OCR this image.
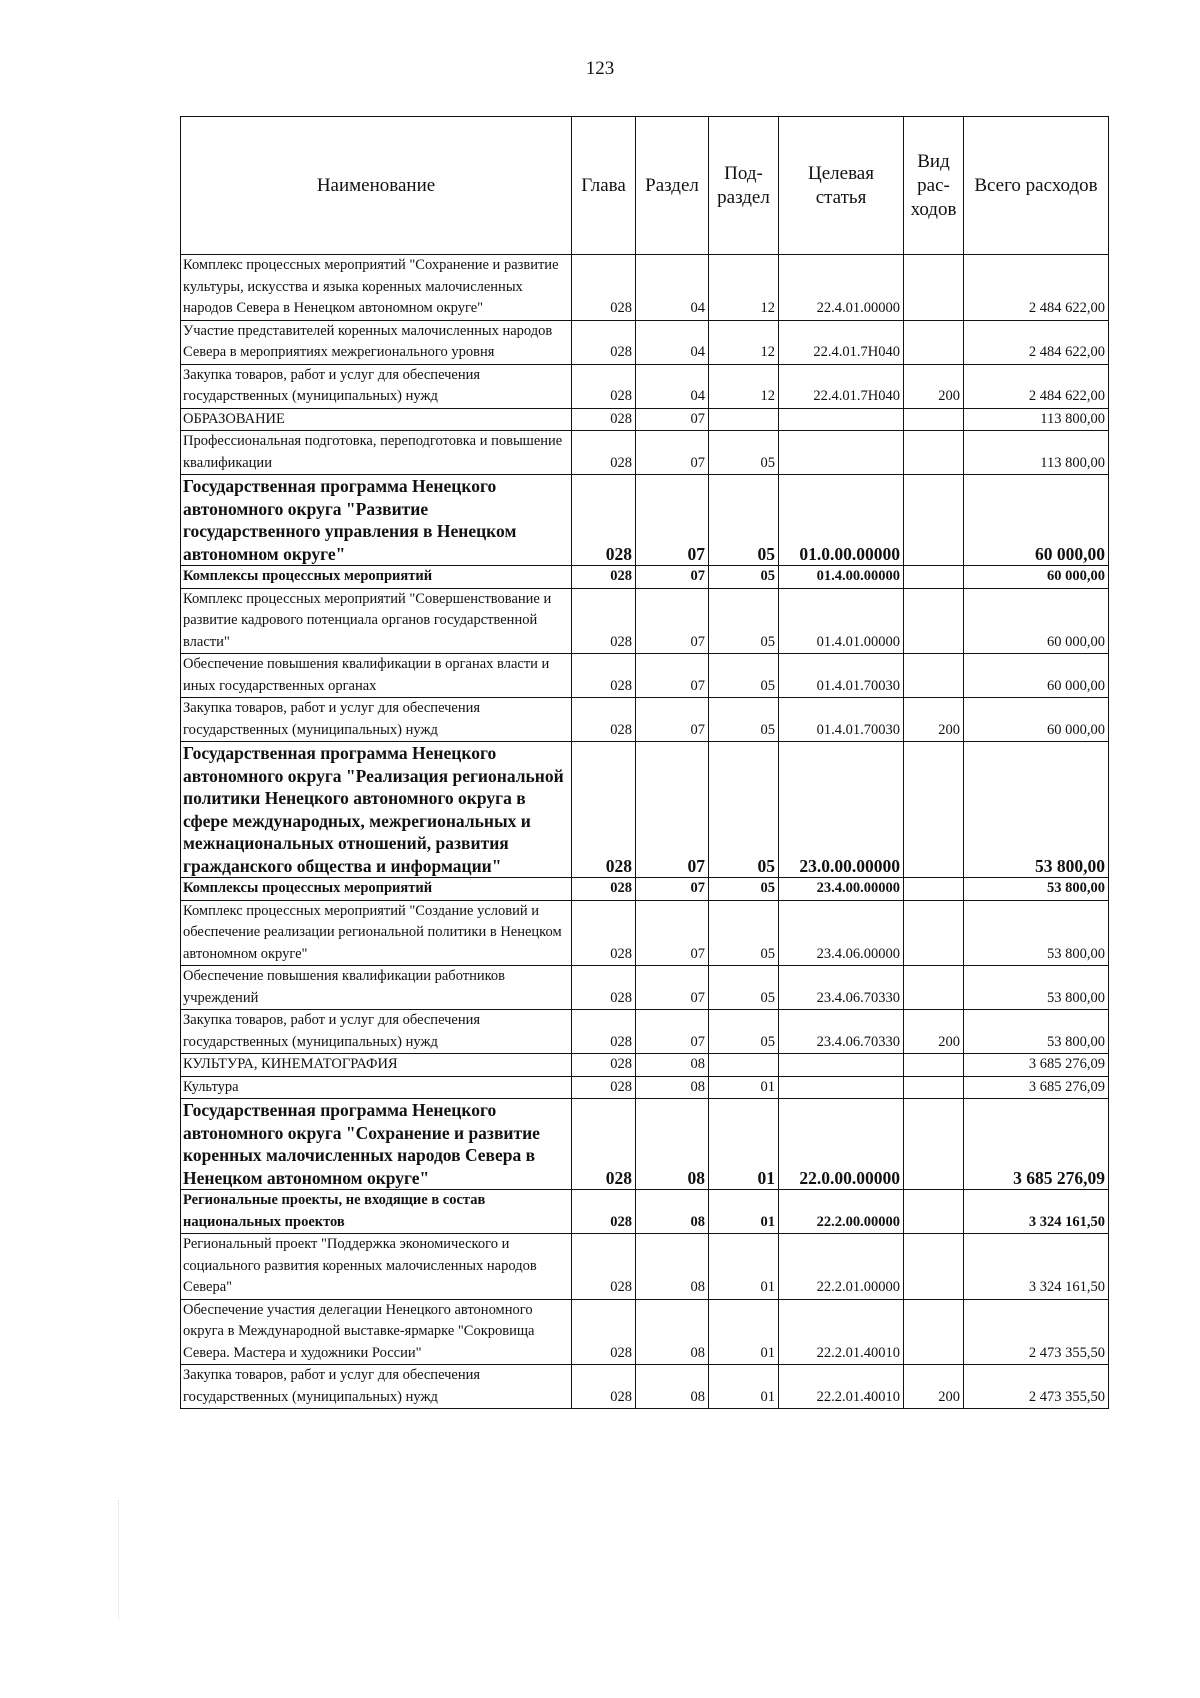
123
Наименование	Глава	Раздел	Под-раздел	Целевая статья	Вид рас-ходов	Всего расходов
Комплекс процессных мероприятий "Сохранение и развитие культуры, искусства и языка коренных малочисленных народов Севера в Ненецком автономном округе"	028	04	12	22.4.01.00000		2 484 622,00
Участие представителей коренных малочисленных народов Севера в мероприятиях межрегионального уровня	028	04	12	22.4.01.7Н040		2 484 622,00
Закупка товаров, работ и услуг для обеспечения государственных (муниципальных) нужд	028	04	12	22.4.01.7Н040	200	2 484 622,00
ОБРАЗОВАНИЕ	028	07				113 800,00
Профессиональная подготовка, переподготовка и повышение квалификации	028	07	05			113 800,00
Государственная программа Ненецкого автономного округа "Развитие государственного управления в Ненецком автономном округе"	028	07	05	01.0.00.00000		60 000,00
Комплексы процессных мероприятий	028	07	05	01.4.00.00000		60 000,00
Комплекс процессных мероприятий "Совершенствование и развитие кадрового потенциала органов государственной власти"	028	07	05	01.4.01.00000		60 000,00
Обеспечение повышения квалификации в органах власти и иных государственных органах	028	07	05	01.4.01.70030		60 000,00
Закупка товаров, работ и услуг для обеспечения государственных (муниципальных) нужд	028	07	05	01.4.01.70030	200	60 000,00
Государственная программа Ненецкого автономного округа "Реализация региональной политики Ненецкого автономного округа в сфере международных, межрегиональных и межнациональных отношений, развития гражданского общества и информации"	028	07	05	23.0.00.00000		53 800,00
Комплексы процессных мероприятий	028	07	05	23.4.00.00000		53 800,00
Комплекс процессных мероприятий "Создание условий и обеспечение реализации региональной политики в Ненецком автономном округе"	028	07	05	23.4.06.00000		53 800,00
Обеспечение повышения квалификации работников учреждений	028	07	05	23.4.06.70330		53 800,00
Закупка товаров, работ и услуг для обеспечения государственных (муниципальных) нужд	028	07	05	23.4.06.70330	200	53 800,00
КУЛЬТУРА, КИНЕМАТОГРАФИЯ	028	08				3 685 276,09
Культура	028	08	01			3 685 276,09
Государственная программа Ненецкого автономного округа "Сохранение и развитие коренных малочисленных народов Севера в Ненецком автономном округе"	028	08	01	22.0.00.00000		3 685 276,09
Региональные проекты, не входящие в состав национальных проектов	028	08	01	22.2.00.00000		3 324 161,50
Региональный проект "Поддержка экономического и социального развития коренных малочисленных народов Севера"	028	08	01	22.2.01.00000		3 324 161,50
Обеспечение участия делегации Ненецкого автономного округа в Международной выставке-ярмарке "Сокровища Севера. Мастера и художники России"	028	08	01	22.2.01.40010		2 473 355,50
Закупка товаров, работ и услуг для обеспечения государственных (муниципальных) нужд	028	08	01	22.2.01.40010	200	2 473 355,50
